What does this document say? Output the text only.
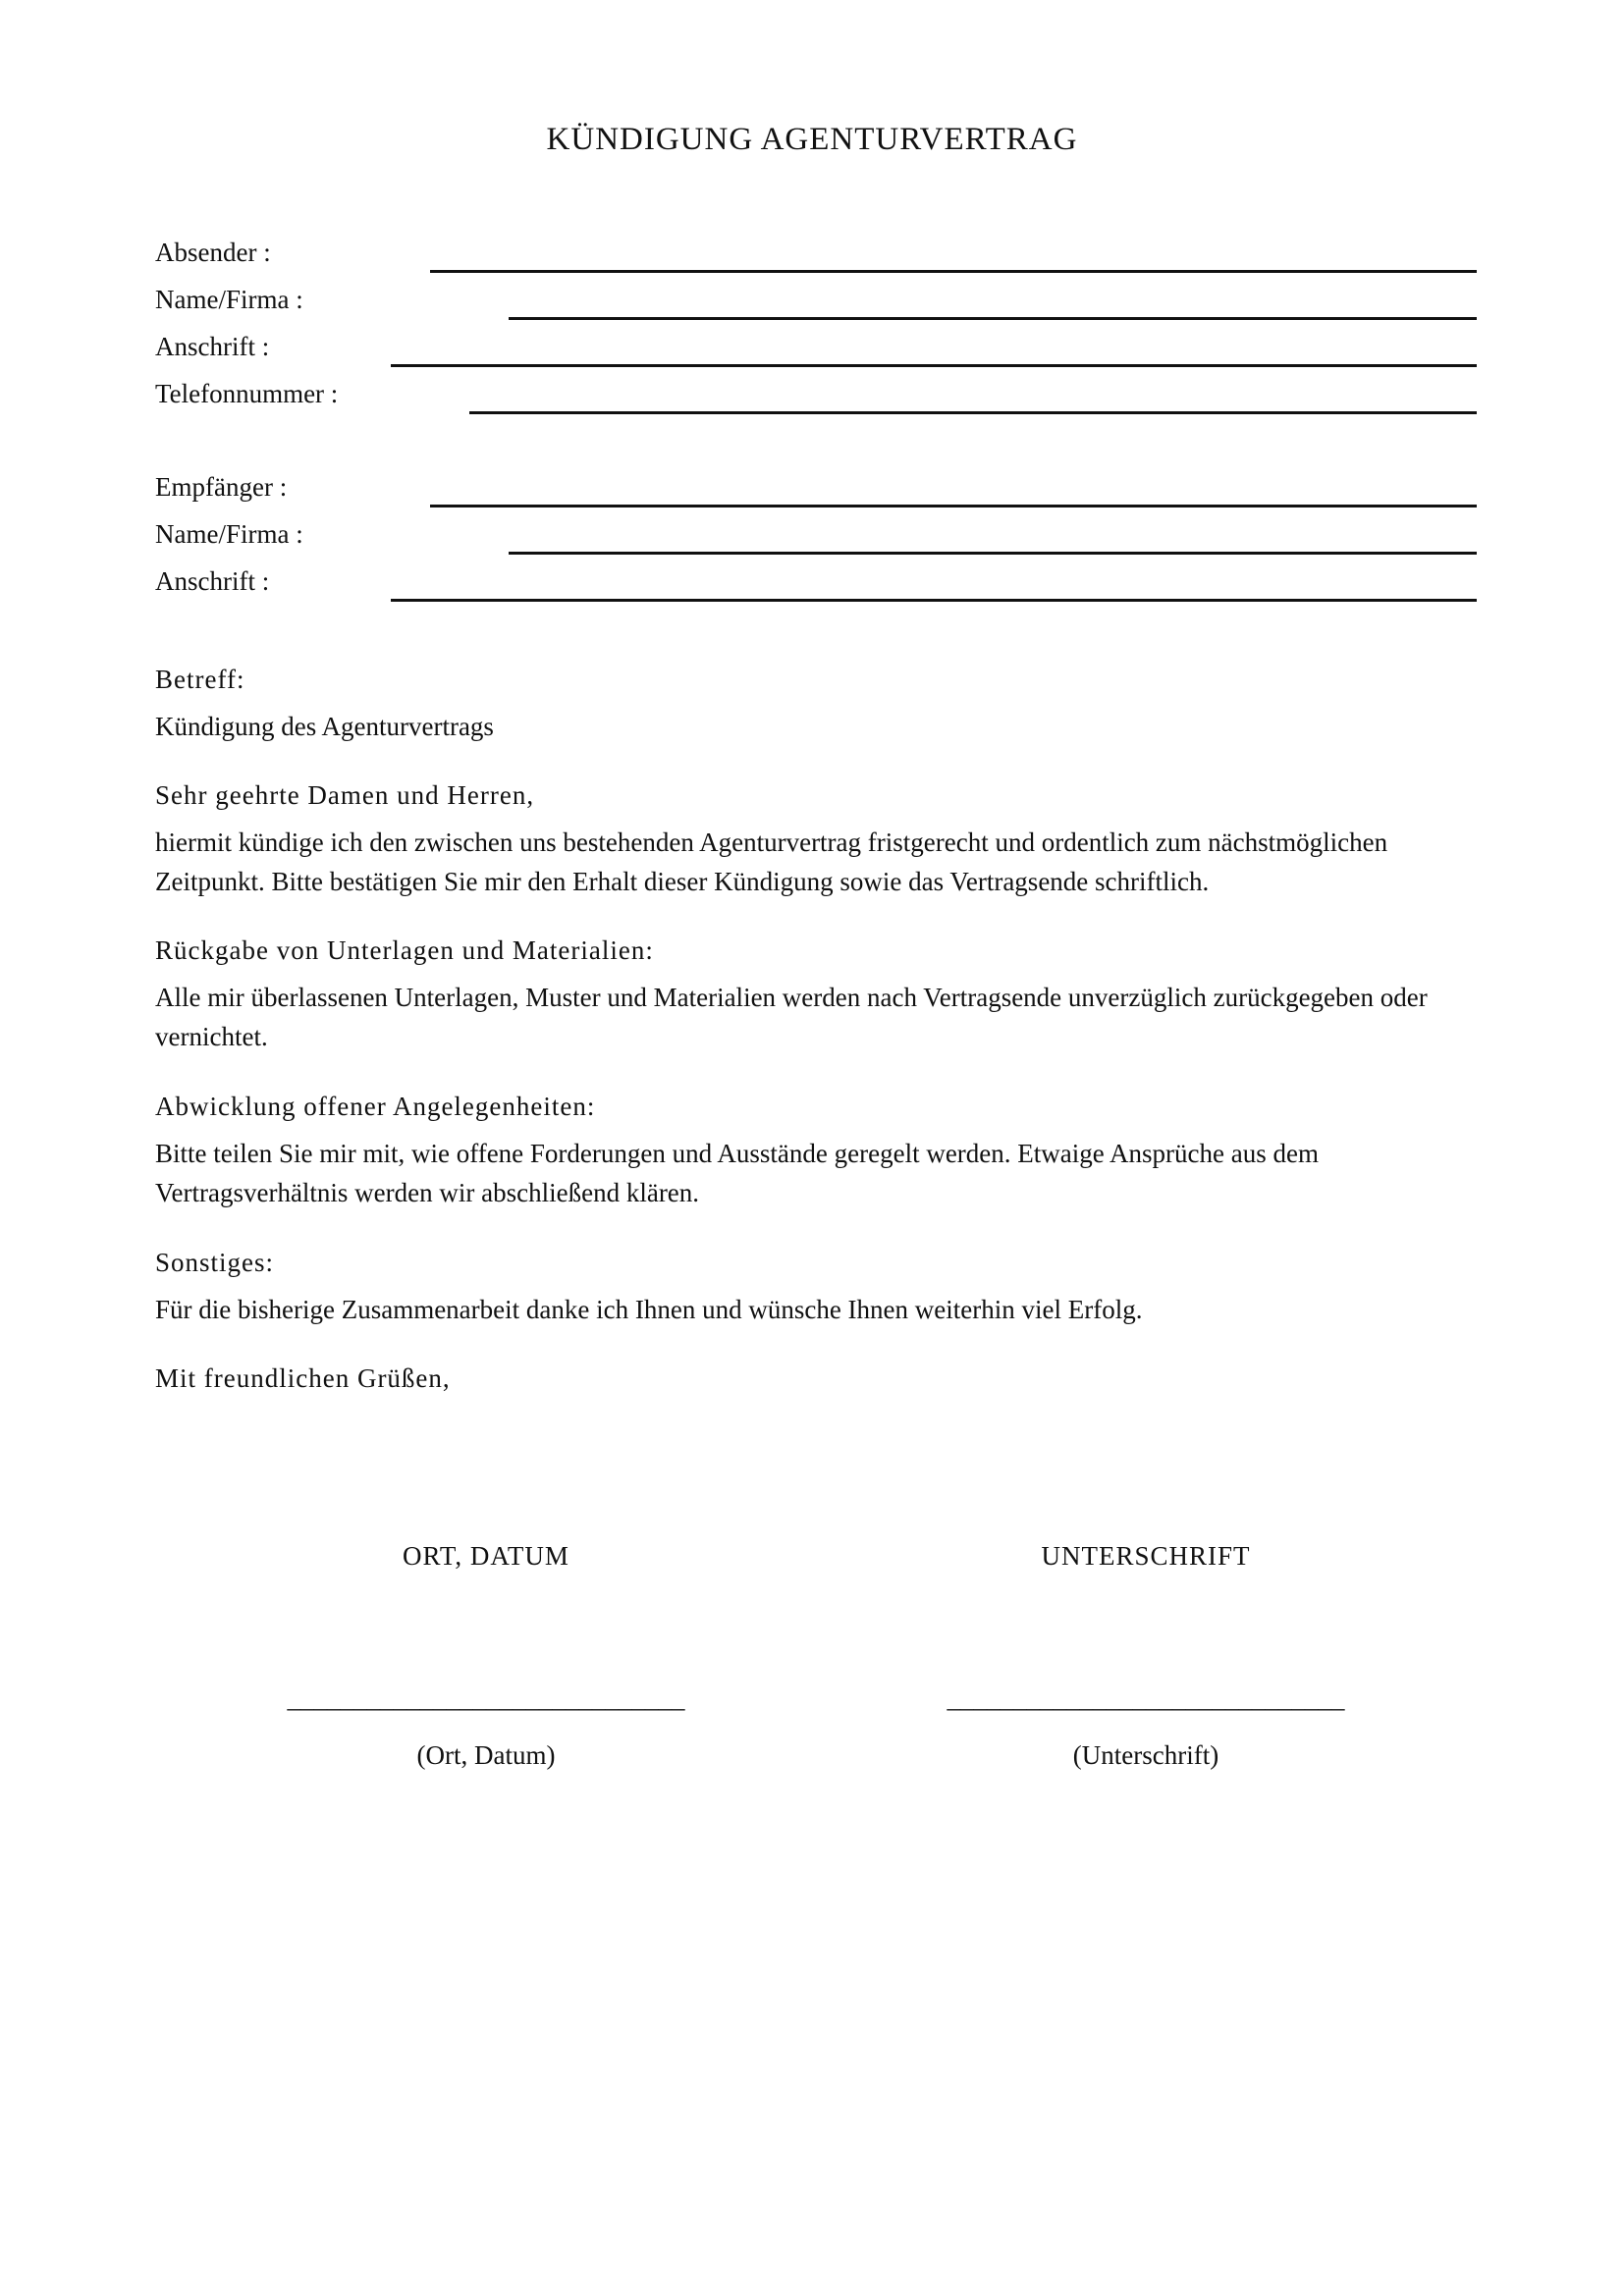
KÜNDIGUNG AGENTURVERTRAG
Absender :
Name/Firma :
Anschrift :
Telefonnummer :
Empfänger :
Name/Firma :
Anschrift :
Betreff:
Kündigung des Agenturvertrags
Sehr geehrte Damen und Herren,
hiermit kündige ich den zwischen uns bestehenden Agenturvertrag fristgerecht und ordentlich zum nächstmöglichen
Zeitpunkt. Bitte bestätigen Sie mir den Erhalt dieser Kündigung sowie das Vertragsende schriftlich.
Rückgabe von Unterlagen und Materialien:
Alle mir überlassenen Unterlagen, Muster und Materialien werden nach Vertragsende unverzüglich zurückgegeben oder
vernichtet.
Abwicklung offener Angelegenheiten:
Bitte teilen Sie mir mit, wie offene Forderungen und Ausstände geregelt werden. Etwaige Ansprüche aus dem
Vertragsverhältnis werden wir abschließend klären.
Sonstiges:
Für die bisherige Zusammenarbeit danke ich Ihnen und wünsche Ihnen weiterhin viel Erfolg.
Mit freundlichen Grüßen,
ORT, DATUM	UNTERSCHRIFT
______________________________	______________________________
(Ort, Datum)	(Unterschrift)
